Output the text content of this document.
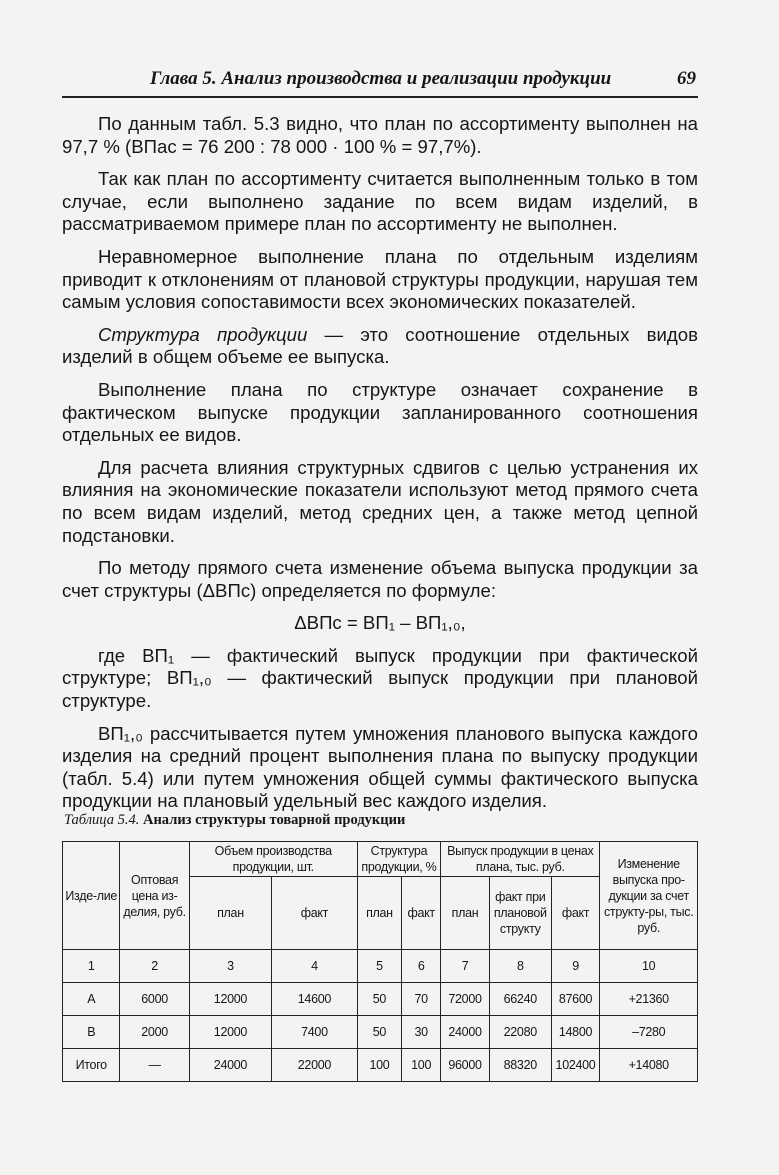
Глава 5. Анализ производства и реализации продукции	69

По данным табл. 5.3 видно, что план по ассортименту выполнен на 97,7 % (ВПас = 76 200 : 78 000 · 100 % = 97,7%).

Так как план по ассортименту считается выполненным только в том случае, если выполнено задание по всем видам изделий, в рассматриваемом примере план по ассортименту не выполнен.

Неравномерное выполнение плана по отдельным изделиям приводит к отклонениям от плановой структуры продукции, нарушая тем самым условия сопоставимости всех экономических показателей.

Структура продукции — это соотношение отдельных видов изделий в общем объеме ее выпуска.

Выполнение плана по структуре означает сохранение в фактическом выпуске продукции запланированного соотношения отдельных ее видов.

Для расчета влияния структурных сдвигов с целью устранения их влияния на экономические показатели используют метод прямого счета по всем видам изделий, метод средних цен, а также метод цепной подстановки.

По методу прямого счета изменение объема выпуска продукции за счет структуры (ΔВПс) определяется по формуле:

ΔВПс = ВП₁ – ВП₁,₀,

где ВП₁ — фактический выпуск продукции при фактической структуре; ВП₁,₀ — фактический выпуск продукции при плановой структуре.

ВП₁,₀ рассчитывается путем умножения планового выпуска каждого изделия на средний процент выполнения плана по выпуску продукции (табл. 5.4) или путем умножения общей суммы фактического выпуска продукции на плановый удельный вес каждого изделия.

Таблица 5.4. Анализ структуры товарной продукции
Изде-лие	Оптовая цена из-делия, руб.	Объем производства продукции, шт.		Структура продукции, %		Выпуск продукции в ценах плана, тыс. руб.			Изменение выпуска про-дукции за счет структу-ры, тыс. руб.
		план	факт	план	факт	план	факт при плановой структу	факт	
1	2	3	4	5	6	7	8	9	10
А	6000	12000	14600	50	70	72000	66240	87600	+21360
В	2000	12000	7400	50	30	24000	22080	14800	–7280
Итого	—	24000	22000	100	100	96000	88320	102400	+14080
